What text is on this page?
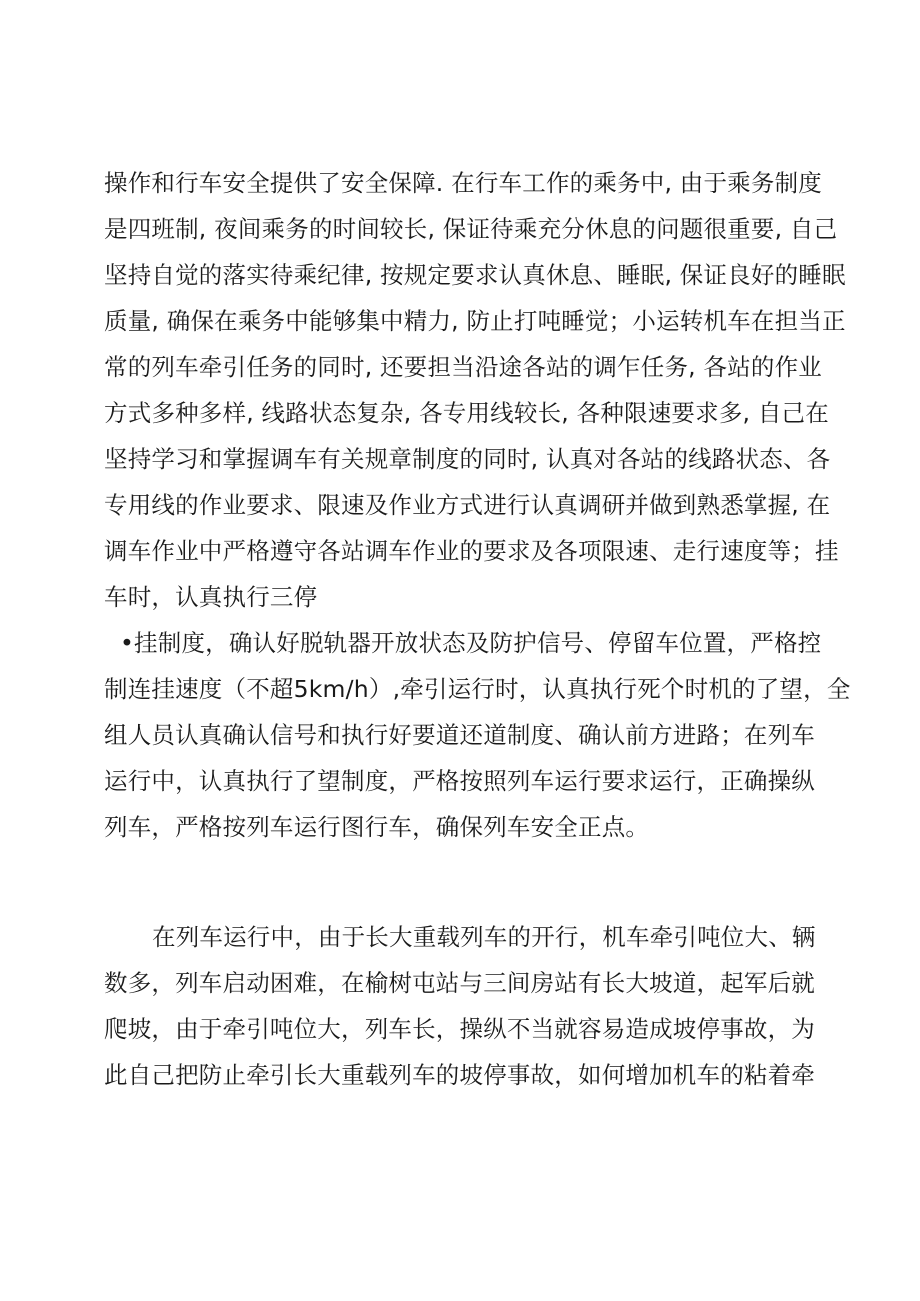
操作和行车安全提供了安全保障. 在行车工作的乘务中, 由于乘务制度
是四班制, 夜间乘务的时间较长, 保证待乘充分休息的问题很重要, 自己
坚持自觉的落实待乘纪律, 按规定要求认真休息、睡眠, 保证良好的睡眠
质量, 确保在乘务中能够集中精力, 防止打吨睡觉；小运转机车在担当正
常的列车牵引任务的同时, 还要担当沿途各站的调乍任务, 各站的作业
方式多种多样, 线路状态复杂, 各专用线较长, 各种限速要求多, 自己在
坚持学习和掌握调车有关规章制度的同时, 认真对各站的线路状态、各
专用线的作业要求、限速及作业方式进行认真调研并做到熟悉掌握, 在
调车作业中严格遵守各站调车作业的要求及各项限速、走行速度等；挂
车时，认真执行三停
•挂制度，确认好脱轨器开放状态及防护信号、停留车位置，严格控
制连挂速度（不超5km∕h）,牵引运行时，认真执行死个时机的了望，全
组人员认真确认信号和执行好要道还道制度、确认前方进路；在列车
运行中，认真执行了望制度，严格按照列车运行要求运行，正确操纵
列车，严格按列车运行图行车，确保列车安全正点。
在列车运行中，由于长大重载列车的开行，机车牵引吨位大、辆
数多，列车启动困难，在榆树屯站与三间房站有长大坡道，起军后就
爬坡，由于牵引吨位大，列车长，操纵不当就容易造成坡停事故，为
此自己把防止牵引长大重载列车的坡停事故，如何增加机车的粘着牵
